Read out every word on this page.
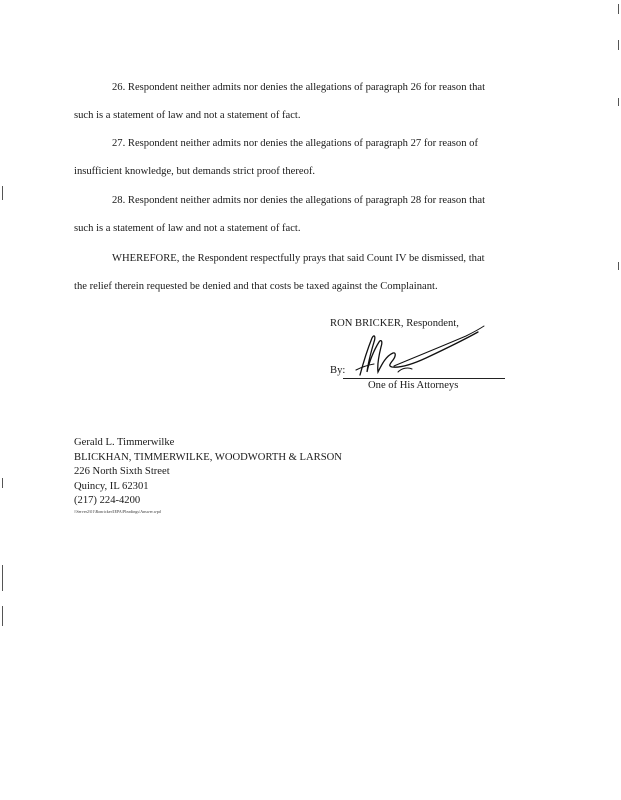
26. Respondent neither admits nor denies the allegations of paragraph 26 for reason that
such is a statement of law and not a statement of fact.

27. Respondent neither admits nor denies the allegations of paragraph 27 for reason of
insufficient knowledge, but demands strict proof thereof.

28. Respondent neither admits nor denies the allegations of paragraph 28 for reason that
such is a statement of law and not a statement of fact.

WHEREFORE, the Respondent respectfully prays that said Count IV be dismissed, that
the relief therein requested be denied and that costs be taxed against the Complainant.

RON BRICKER, Respondent,
By:
One of His Attorneys
Gerald L. Timmerwilke
BLICKHAN, TIMMERWILKE, WOODWORTH & LARSON
226 North Sixth Street
Quincy, IL 62301
(217) 224-4200
\\Server2\01\Ronricker\IEPA\Pleadings\Answer.wpd
